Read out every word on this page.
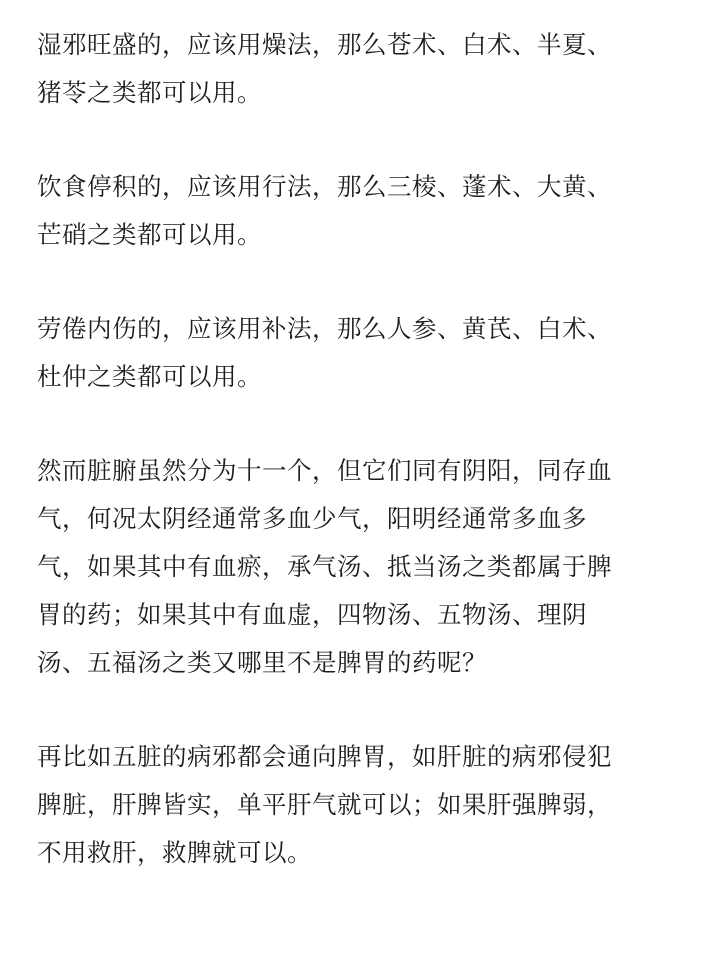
湿邪旺盛的，应该用燥法，那么苍术、白术、半夏、
猪苓之类都可以用。

饮食停积的，应该用行法，那么三棱、蓬术、大黄、
芒硝之类都可以用。

劳倦内伤的，应该用补法，那么人参、黄芪、白术、
杜仲之类都可以用。

然而脏腑虽然分为十一个，但它们同有阴阳，同存血
气，何况太阴经通常多血少气，阳明经通常多血多
气，如果其中有血瘀，承气汤、抵当汤之类都属于脾
胃的药；如果其中有血虚，四物汤、五物汤、理阴
汤、五福汤之类又哪里不是脾胃的药呢？

再比如五脏的病邪都会通向脾胃，如肝脏的病邪侵犯
脾脏，肝脾皆实，单平肝气就可以；如果肝强脾弱，
不用救肝，救脾就可以。
